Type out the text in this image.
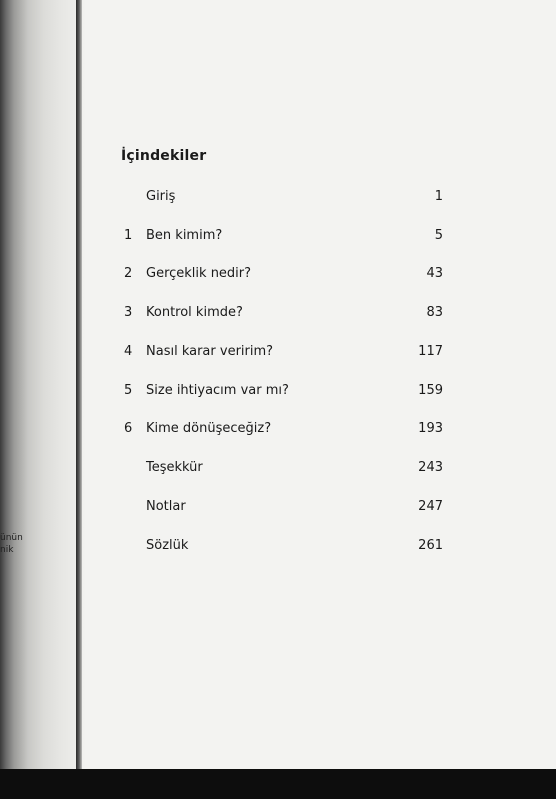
ünün
nik
İçindekiler
Giriş	1
1 Ben kimim?	5
2 Gerçeklik nedir?	43
3 Kontrol kimde?	83
4 Nasıl karar veririm?	117
5 Size ihtiyacım var mı?	159
6 Kime dönüşeceğiz?	193
Teşekkür	243
Notlar	247
Sözlük	261
